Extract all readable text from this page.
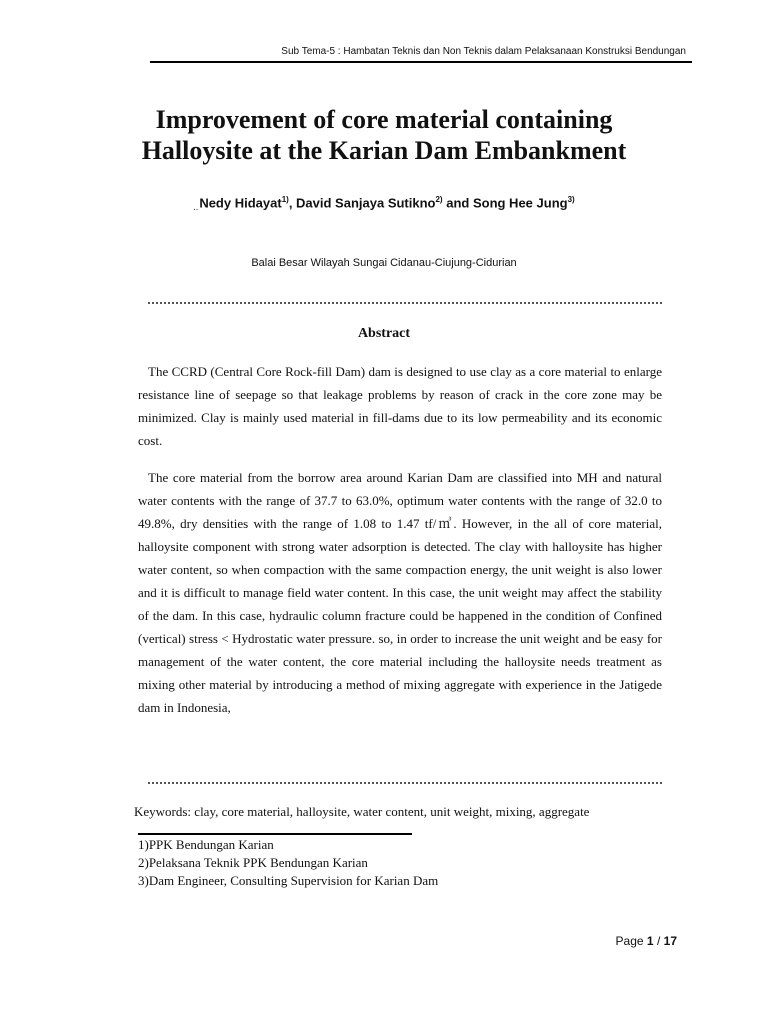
Sub Tema-5 : Hambatan Teknis dan Non Teknis dalam Pelaksanaan Konstruksi Bendungan
Improvement of core material containing
Halloysite at the Karian Dam Embankment
$_{..}$Nedy Hidayat$^{1)}$, David Sanjaya Sutikno$^{2)}$ and Song Hee Jung$^{3)}$
Balai Besar Wilayah Sungai Cidanau-Ciujung-Cidurian
Abstract

The CCRD (Central Core Rock-fill Dam) dam is designed to use clay as a core material to enlarge resistance line of seepage so that leakage problems by reason of crack in the core zone may be minimized. Clay is mainly used material in fill-dams due to its low permeability and its economic cost.

The core material from the borrow area around Karian Dam are classified into MH and natural water contents with the range of 37.7 to 63.0%, optimum water contents with the range of 32.0 to 49.8%, dry densities with the range of 1.08 to 1.47 tf/㎥. However, in the all of core material, halloysite component with strong water adsorption is detected. The clay with halloysite has higher water content, so when compaction with the same compaction energy, the unit weight is also lower and it is difficult to manage field water content. In this case, the unit weight may affect the stability of the dam. In this case, hydraulic column fracture could be happened in the condition of Confined (vertical) stress < Hydrostatic water pressure. so, in order to increase the unit weight and be easy for management of the water content, the core material including the halloysite needs treatment as mixing other material by introducing a method of mixing aggregate with experience in the Jatigede dam in Indonesia,

Keywords: clay, core material, halloysite, water content, unit weight, mixing, aggregate
1)PPK Bendungan Karian
2)Pelaksana Teknik PPK Bendungan Karian
3)Dam Engineer, Consulting Supervision for Karian Dam
Page 1 / 17
